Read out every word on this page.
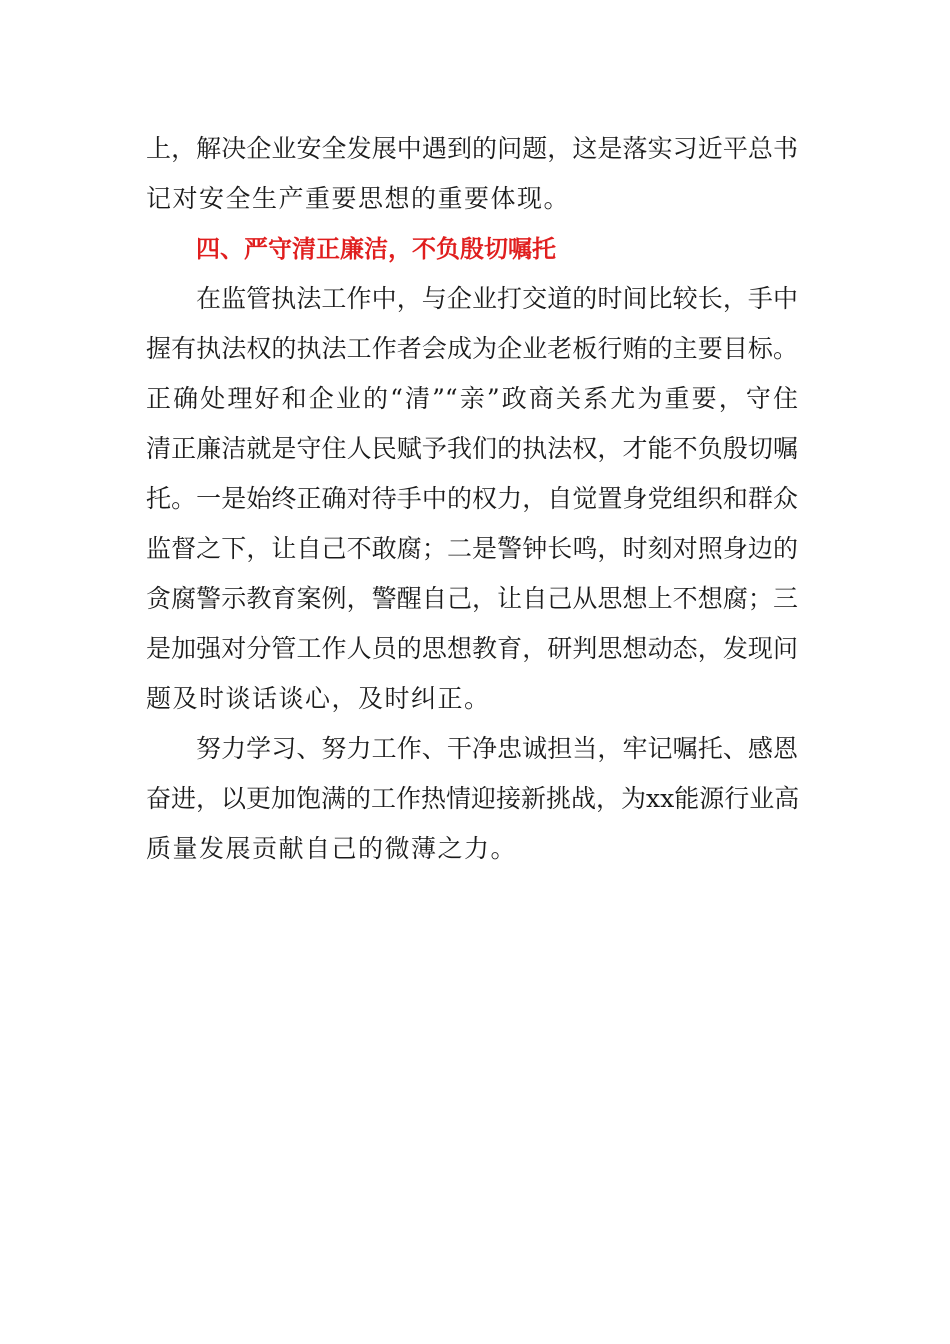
上，解决企业安全发展中遇到的问题，这是落实习近平总书
记对安全生产重要思想的重要体现。
四、严守清正廉洁，不负殷切嘱托
在监管执法工作中，与企业打交道的时间比较长，手中
握有执法权的执法工作者会成为企业老板行贿的主要目标。
正确处理好和企业的“清”“亲”政商关系尤为重要，守住
清正廉洁就是守住人民赋予我们的执法权，才能不负殷切嘱
托。一是始终正确对待手中的权力，自觉置身党组织和群众
监督之下，让自己不敢腐；二是警钟长鸣，时刻对照身边的
贪腐警示教育案例，警醒自己，让自己从思想上不想腐；三
是加强对分管工作人员的思想教育，研判思想动态，发现问
题及时谈话谈心，及时纠正。
努力学习、努力工作、干净忠诚担当，牢记嘱托、感恩
奋进，以更加饱满的工作热情迎接新挑战，为xx能源行业高
质量发展贡献自己的微薄之力。
